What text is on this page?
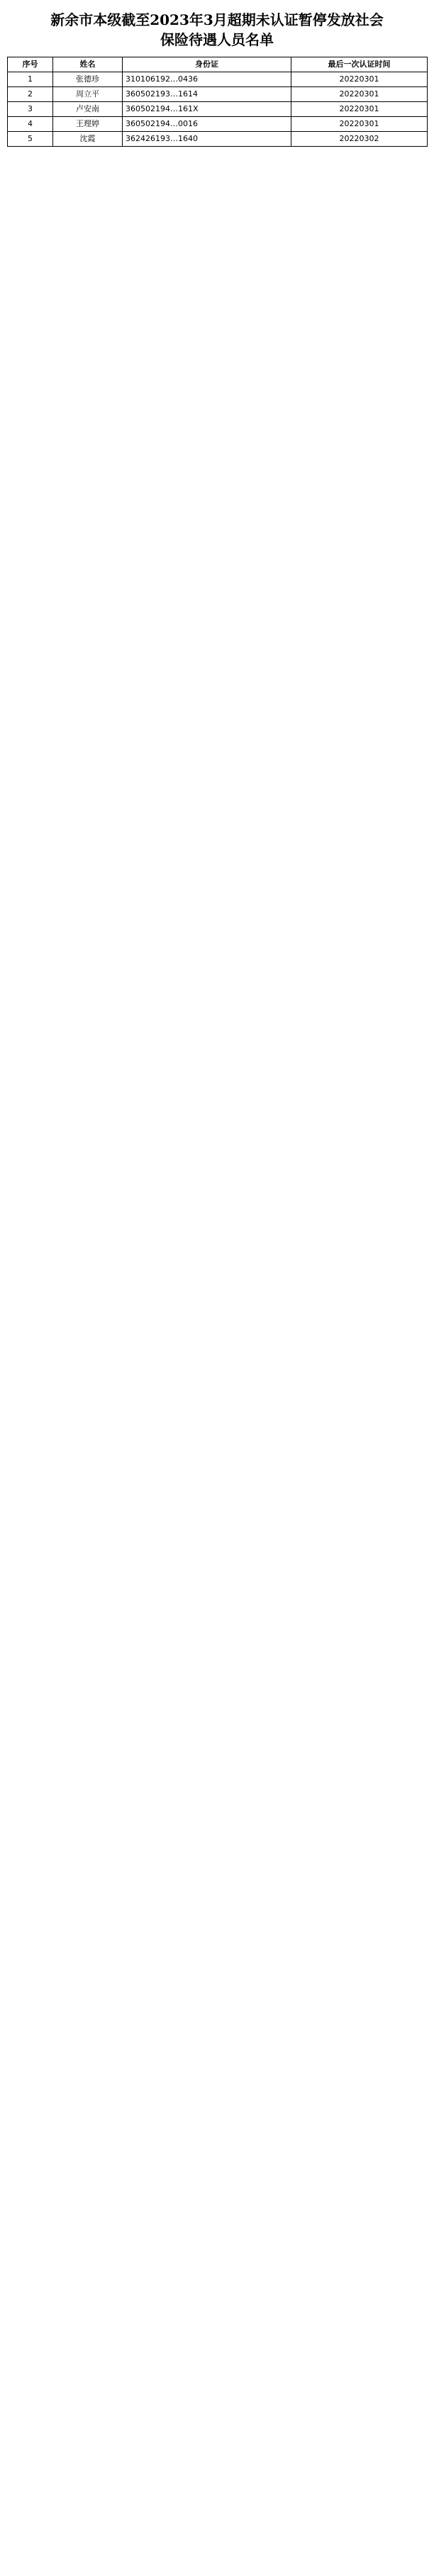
新余市本级截至2023年3月超期未认证暂停发放社会
保险待遇人员名单
序号	姓名	身份证	最后一次认证时间
1	张德珍	310106192…0436	20220301
2	周立平	360502193…1614	20220301
3	卢安南	360502194…161X	20220301
4	王理婷	360502194…0016	20220301
5	沈霞	362426193…1640	20220302
